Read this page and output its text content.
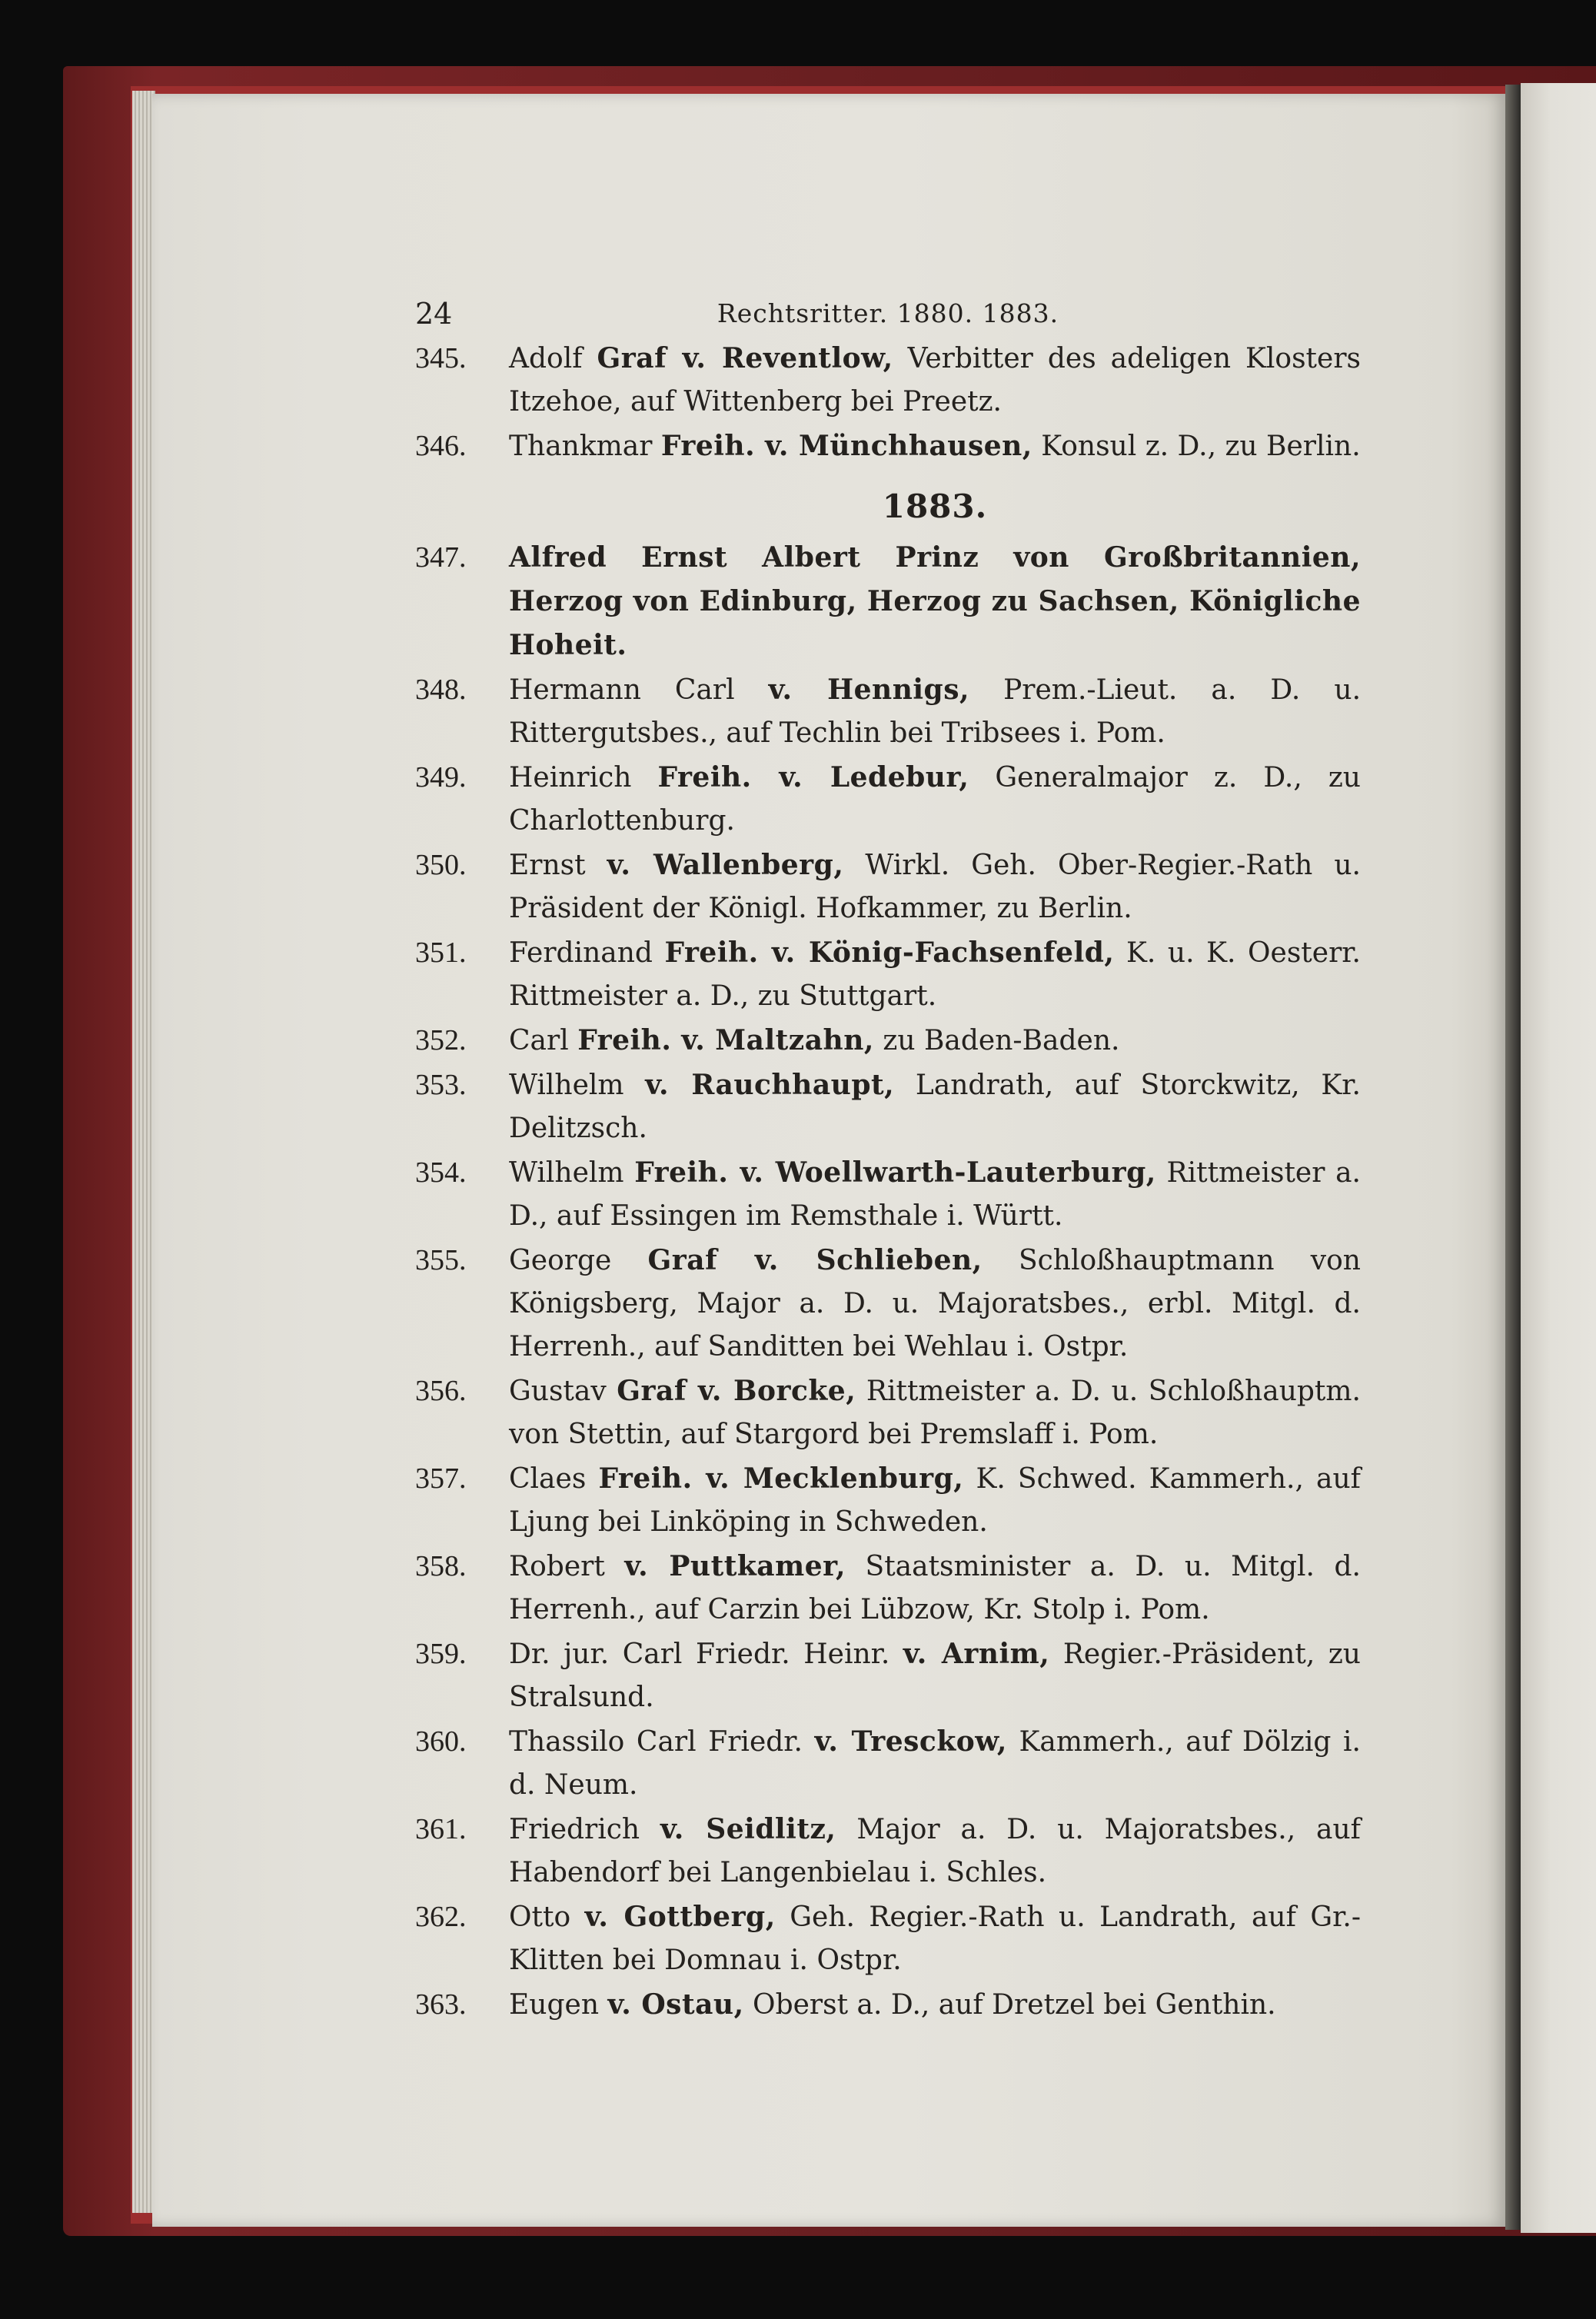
24	Rechtsritter. 1880. 1883.
345.	Adolf Graf v. Reventlow, Verbitter des adeligen Klosters Itzehoe, auf Wittenberg bei Preetz.
346.	Thankmar Freih. v. Münchhausen, Konsul z. D., zu Berlin.
1883.
347.	Alfred Ernst Albert Prinz von Großbritannien, Herzog von Edinburg, Herzog zu Sachsen, Königliche Hoheit.
348.	Hermann Carl v. Hennigs, Prem.-Lieut. a. D. u. Rittergutsbes., auf Techlin bei Tribsees i. Pom.
349.	Heinrich Freih. v. Ledebur, Generalmajor z. D., zu Charlottenburg.
350.	Ernst v. Wallenberg, Wirkl. Geh. Ober-Regier.-Rath u. Präsident der Königl. Hofkammer, zu Berlin.
351.	Ferdinand Freih. v. König-Fachsenfeld, K. u. K. Oesterr. Rittmeister a. D., zu Stuttgart.
352.	Carl Freih. v. Maltzahn, zu Baden-Baden.
353.	Wilhelm v. Rauchhaupt, Landrath, auf Storckwitz, Kr. Delitzsch.
354.	Wilhelm Freih. v. Woellwarth-Lauterburg, Rittmeister a. D., auf Essingen im Remsthale i. Württ.
355.	George Graf v. Schlieben, Schloßhauptmann von Königsberg, Major a. D. u. Majoratsbes., erbl. Mitgl. d. Herrenh., auf Sanditten bei Wehlau i. Ostpr.
356.	Gustav Graf v. Borcke, Rittmeister a. D. u. Schloßhauptm. von Stettin, auf Stargord bei Premslaff i. Pom.
357.	Claes Freih. v. Mecklenburg, K. Schwed. Kammerh., auf Ljung bei Linköping in Schweden.
358.	Robert v. Puttkamer, Staatsminister a. D. u. Mitgl. d. Herrenh., auf Carzin bei Lübzow, Kr. Stolp i. Pom.
359.	Dr. jur. Carl Friedr. Heinr. v. Arnim, Regier.-Präsident, zu Stralsund.
360.	Thassilo Carl Friedr. v. Tresckow, Kammerh., auf Dölzig i. d. Neum.
361.	Friedrich v. Seidlitz, Major a. D. u. Majoratsbes., auf Habendorf bei Langenbielau i. Schles.
362.	Otto v. Gottberg, Geh. Regier.-Rath u. Landrath, auf Gr.-Klitten bei Domnau i. Ostpr.
363.	Eugen v. Ostau, Oberst a. D., auf Dretzel bei Genthin.
